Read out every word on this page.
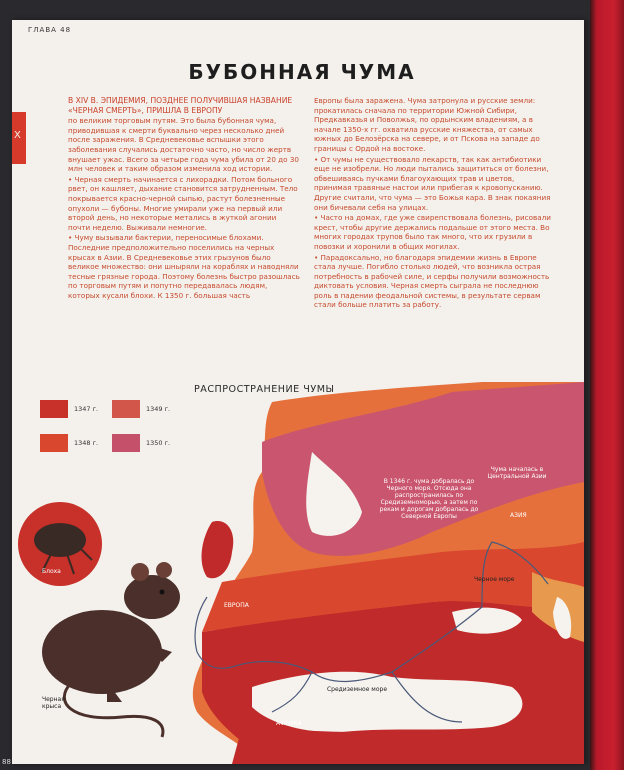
X
ГЛАВА 48
БУБОННАЯ ЧУМА

В XIV В. ЭПИДЕМИЯ, ПОЗДНЕЕ ПОЛУЧИВШАЯ НАЗВАНИЕ «ЧЕРНАЯ СМЕРТЬ», ПРИШЛА В ЕВРОПУ

по великим торговым путям. Это была бубонная чума, приводившая к смерти буквально через несколько дней после заражения. В Средневековье вспышки этого заболевания случались достаточно часто, но число жертв внушает ужас. Всего за четыре года чума убила от 20 до 30 млн человек и таким образом изменила ход истории.

• Черная смерть начинается с лихорадки. Потом больного рвет, он кашляет, дыхание становится затрудненным. Тело покрывается красно-черной сыпью, растут болезненные опухоли — бубоны. Многие умирали уже на первый или второй день, но некоторые метались в жуткой агонии почти неделю. Выживали немногие.

• Чуму вызывали бактерии, переносимые блохами. Последние предположительно поселились на черных крысах в Азии. В Средневековье этих грызунов было великое множество: они шныряли на кораблях и наводняли тесные грязные города. Поэтому болезнь быстро разошлась по торговым путям и попутно передавалась людям, которых кусали блохи. К 1350 г. большая часть

Европы была заражена. Чума затронула и русские земли: прокатилась сначала по территории Южной Сибири, Предкавказья и Поволжья, по ордынским владениям, а в начале 1350-х гг. охватила русские княжества, от самых южных до Белозёрска на севере, и от Пскова на западе до границы с Ордой на востоке.

• От чумы не существовало лекарств, так как антибиотики еще не изобрели. Но люди пытались защититься от болезни, обвешиваясь пучками благоухающих трав и цветов, принимая травяные настои или прибегая к кровопусканию. Другие считали, что чума — это Божья кара. В знак покаяния они бичевали себя на улицах.

• Часто на домах, где уже свирепствовала болезнь, рисовали крест, чтобы другие держались подальше от этого места. Во многих городах трупов было так много, что их грузили в повозки и хоронили в общих могилах.

• Парадоксально, но благодаря эпидемии жизнь в Европе стала лучше. Погибло столько людей, что возникла острая потребность в рабочей силе, и серфы получили возможность диктовать условия. Черная смерть сыграла не последнюю роль в падении феодальной системы, в результате сервам стали больше платить за работу.

РАСПРОСТРАНЕНИЕ ЧУМЫ
1347 г.	1349 г.
1348 г.	1350 г.
ЕВРОПА
АЗИЯ
АФРИКА
Черное море
Средиземное море
Блоха
Черная крыса
В 1346 г. чума добралась до Черного моря. Отсюда она распространилась по Средиземноморью, а затем по рекам и дорогам добралась до Северной Европы
Чума началась в Центральной Азии
88
